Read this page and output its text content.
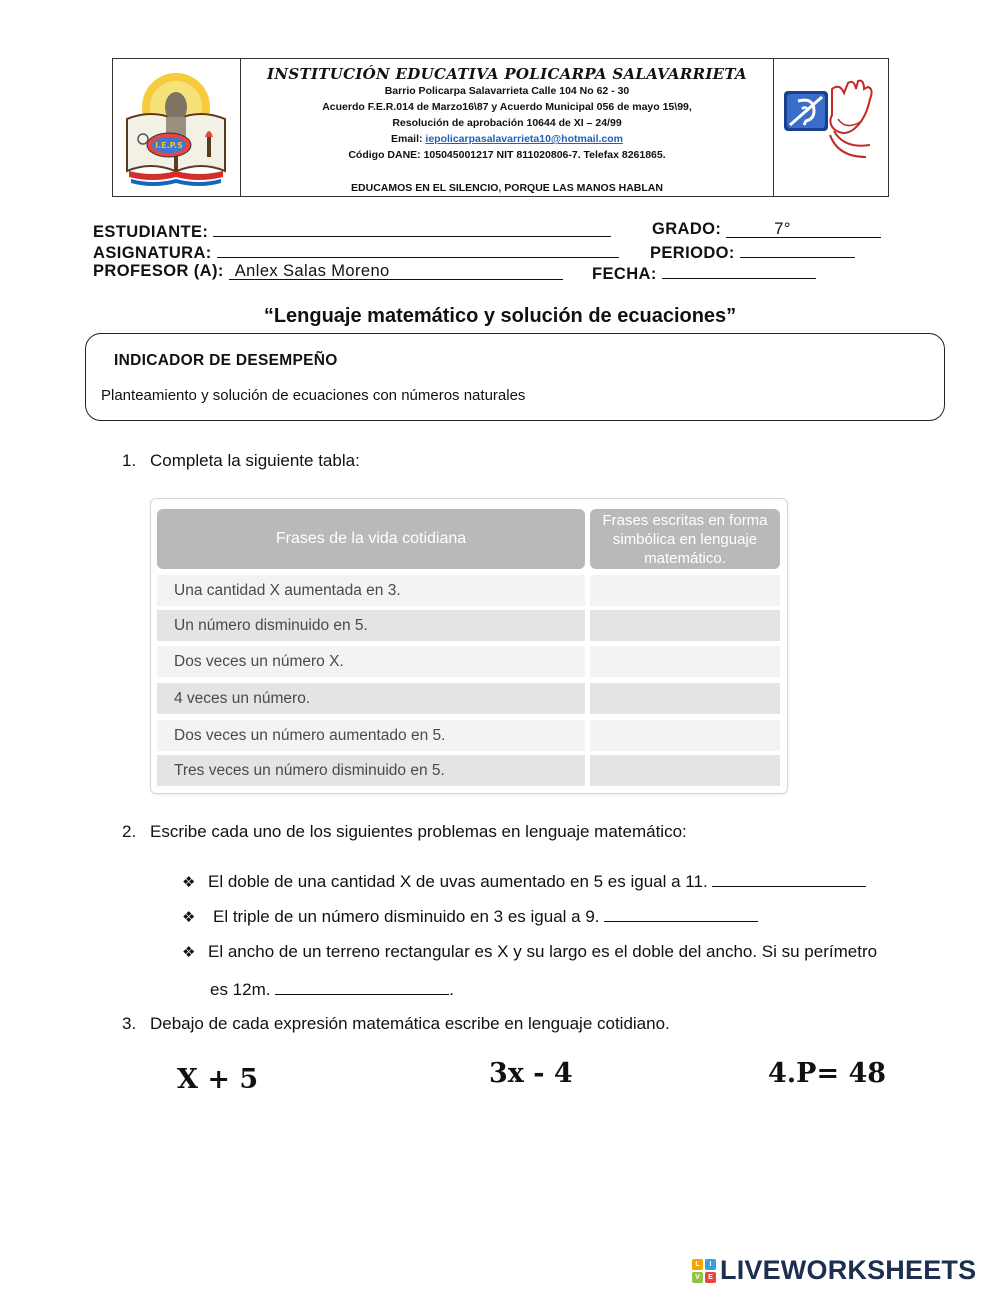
I.E.P.S
INSTITUCIÓN EDUCATIVA POLICARPA SALAVARRIETA
Barrio Policarpa Salavarrieta Calle 104 No 62 - 30
Acuerdo F.E.R.014 de Marzo16\87 y Acuerdo Municipal 056 de mayo 15\99,
Resolución de aprobación 10644 de XI – 24/99
Email: iepolicarpasalavarrieta10@hotmail.com
Código DANE: 105045001217 NIT 811020806-7. Telefax 8261865.
EDUCAMOS EN EL SILENCIO, PORQUE LAS MANOS HABLAN
ESTUDIANTE:	GRADO:	7°
ASIGNATURA:	PERIODO:
PROFESOR (A): Anlex Salas Moreno	FECHA:
“Lenguaje matemático y solución de ecuaciones”
INDICADOR DE DESEMPEÑO
Planteamiento y solución de ecuaciones con números naturales
1. Completa la siguiente tabla:
Frases de la vida cotidiana
Frases escritas en forma simbólica en lenguaje matemático.
Una cantidad X aumentada en 3.
Un número disminuido en 5.
Dos veces un número X.
4 veces un número.
Dos veces un número aumentado en 5.
Tres veces un número disminuido en 5.
2. Escribe cada uno de los siguientes problemas en lenguaje matemático:
❖ El doble de una cantidad X de uvas aumentado en 5 es igual a 11.
❖ El triple de un número disminuido en 3 es igual a 9.
❖ El ancho de un terreno rectangular es X y su largo es el doble del ancho. Si su perímetro
es 12m.	.
3. Debajo de cada expresión matemática escribe en lenguaje cotidiano.
X + 5	3x - 4	4.P= 48
L	I
V	E LIVEWORKSHEETS
